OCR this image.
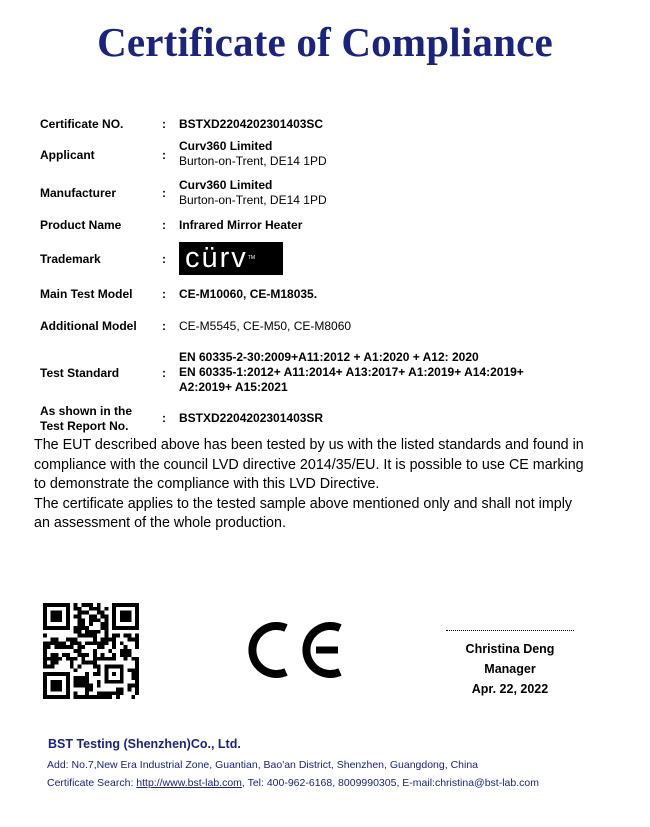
Certificate of Compliance
Certificate NO.	: BSTXD2204202301403SC
Applicant	:
Curv360 Limited
Burton-on-Trent, DE14 1PD
Manufacturer	:
Curv360 Limited
Burton-on-Trent, DE14 1PD
Product Name	: Infrared Mirror Heater
Trademark	: cürvTM
Main Test Model : CE-M10060, CE-M18035.
Additional Model : CE-M5545, CE-M50, CE-M8060
Test Standard	:
EN 60335-2-30:2009+A11:2012 + A1:2020 + A12: 2020
EN 60335-1:2012+ A11:2014+ A13:2017+ A1:2019+ A14:2019+
A2:2019+ A15:2021
As shown in the
Test Report No.
: BSTXD2204202301403SR
The EUT described above has been tested by us with the listed standards and found in
compliance with the council LVD directive 2014/35/EU. It is possible to use CE marking
to demonstrate the compliance with this LVD Directive.
The certificate applies to the tested sample above mentioned only and shall not imply
an assessment of the whole production.
Christina Deng
Manager
Apr. 22, 2022
BST Testing (Shenzhen)Co., Ltd.
Add: No.7,New Era Industrial Zone, Guantian, Bao'an District, Shenzhen, Guangdong, China
Certificate Search: http://www.bst-lab.com, Tel: 400-962-6168, 8009990305, E-mail:christina@bst-lab.com
